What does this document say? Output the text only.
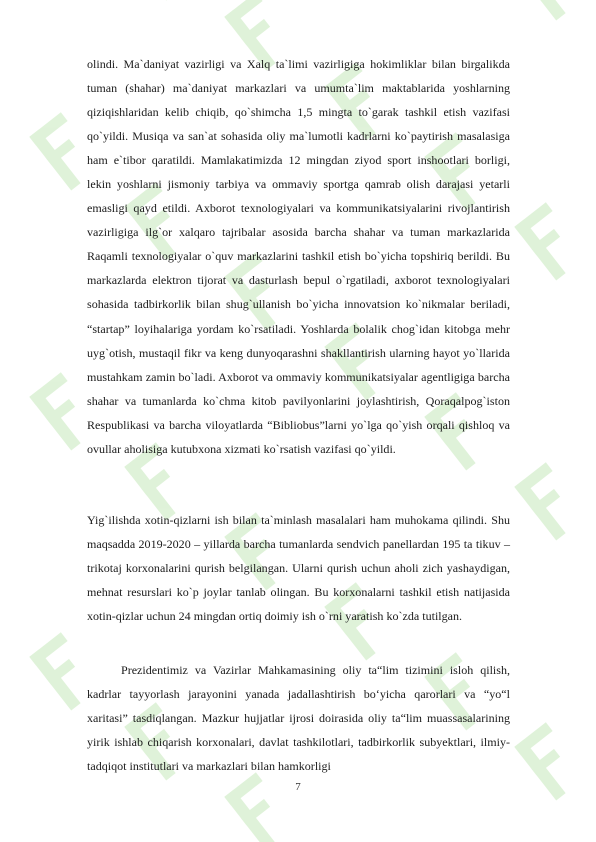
olindi. Ma`daniyat vazirligi va Xalq ta`limi vazirligiga hokimliklar bilan birgalikda tuman (shahar) ma`daniyat markazlari va umumta`lim maktablarida yoshlarning qiziqishlaridan kelib chiqib, qo`shimcha 1,5 mingta to`garak tashkil etish vazifasi qo`yildi. Musiqa va san`at sohasida oliy ma`lumotli kadrlarni ko`paytirish masalasiga ham e`tibor qaratildi. Mamlakatimizda 12 mingdan ziyod sport inshootlari borligi, lekin yoshlarni jismoniy tarbiya va ommaviy sportga qamrab olish darajasi yetarli emasligi qayd etildi. Axborot texnologiyalari va kommunikatsiyalarini rivojlantirish vazirligiga ilg`or xalqaro tajribalar asosida barcha shahar va tuman markazlarida Raqamli texnologiyalar o`quv markazlarini tashkil etish bo`yicha topshiriq berildi. Bu markazlarda elektron tijorat va dasturlash bepul o`rgatiladi, axborot texnologiyalari sohasida tadbirkorlik bilan shug`ullanish bo`yicha innovatsion ko`nikmalar beriladi, “startap” loyihalariga yordam ko`rsatiladi. Yoshlarda bolalik chog`idan kitobga mehr uyg`otish, mustaqil fikr va keng dunyoqarashni shakllantirish ularning hayot yo`llarida mustahkam zamin bo`ladi. Axborot va ommaviy kommunikatsiyalar agentligiga barcha shahar va tumanlarda ko`chma kitob pavilyonlarini joylashtirish, Qoraqalpog`iston Respublikasi va barcha viloyatlarda “Bibliobus”larni yo`lga qo`yish orqali qishloq va ovullar aholisiga kutubxona xizmati ko`rsatish vazifasi qo`yildi.

Yig`ilishda xotin-qizlarni ish bilan ta`minlash masalalari ham muhokama qilindi. Shu maqsadda 2019-2020 – yillarda barcha tumanlarda sendvich panellardan 195 ta tikuv – trikotaj korxonalarini qurish belgilangan. Ularni qurish uchun aholi zich yashaydigan, mehnat resurslari ko`p joylar tanlab olingan. Bu korxonalarni tashkil etish natijasida xotin-qizlar uchun 24 mingdan ortiq doimiy ish o`rni yaratish ko`zda tutilgan.

Prezidentimiz va Vazirlar Mahkamasining oliy ta“lim tizimini isloh qilish, kadrlar tayyorlash jarayonini yanada jadallashtirish bo‘yicha qarorlari va “yo“l xaritasi” tasdiqlangan. Mazkur hujjatlar ijrosi doirasida oliy ta“lim muassasalarining yirik ishlab chiqarish korxonalari, davlat tashkilotlari, tadbirkorlik subyektlari, ilmiy-tadqiqot institutlari va markazlari bilan hamkorligi

7
